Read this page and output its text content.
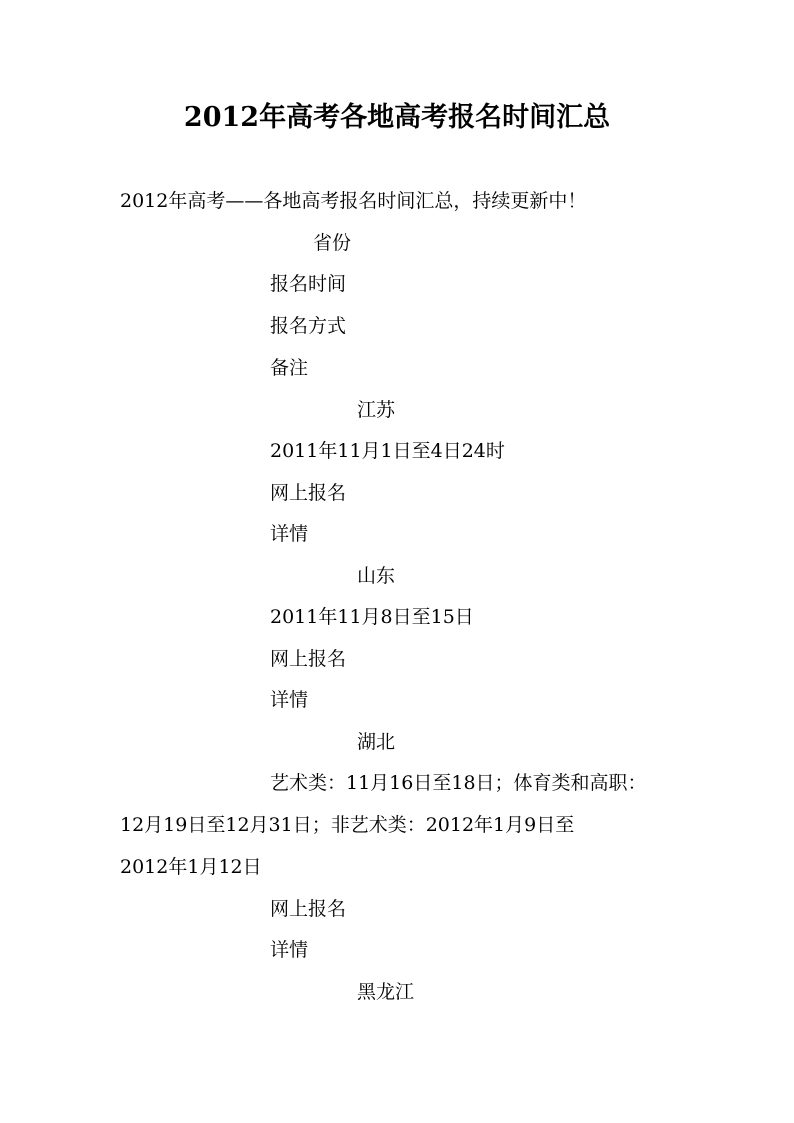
2012年高考各地高考报名时间汇总
2012年高考——各地高考报名时间汇总，持续更新中！
省份
报名时间
报名方式
备注
江苏
2011年11月1日至4日24时
网上报名
详情
山东
2011年11月8日至15日
网上报名
详情
湖北
艺术类：11月16日至18日；体育类和高职：
12月19日至12月31日；非艺术类：2012年1月9日至
2012年1月12日
网上报名
详情
黑龙江
